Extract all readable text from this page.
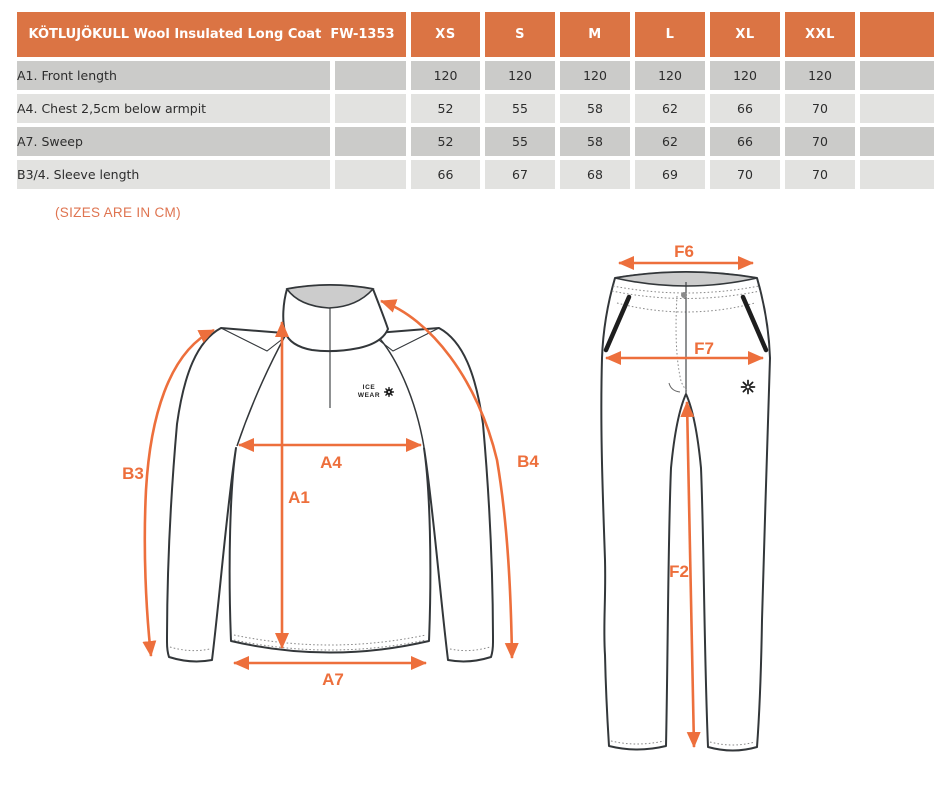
KÖTLUJÖKULL Wool Insulated Long Coat  FW-1353		XS	S	M	L	XL	XXL	
A1. Front length		120	120	120	120	120	120	
A4. Chest 2,5cm below armpit		52	55	58	62	66	70	
A7. Sweep		52	55	58	62	66	70	
B3/4. Sleeve length		66	67	68	69	70	70	
(SIZES ARE IN CM)
ICE
WEAR
B3
A4
A1
A7
B4
F6
F7
F2
